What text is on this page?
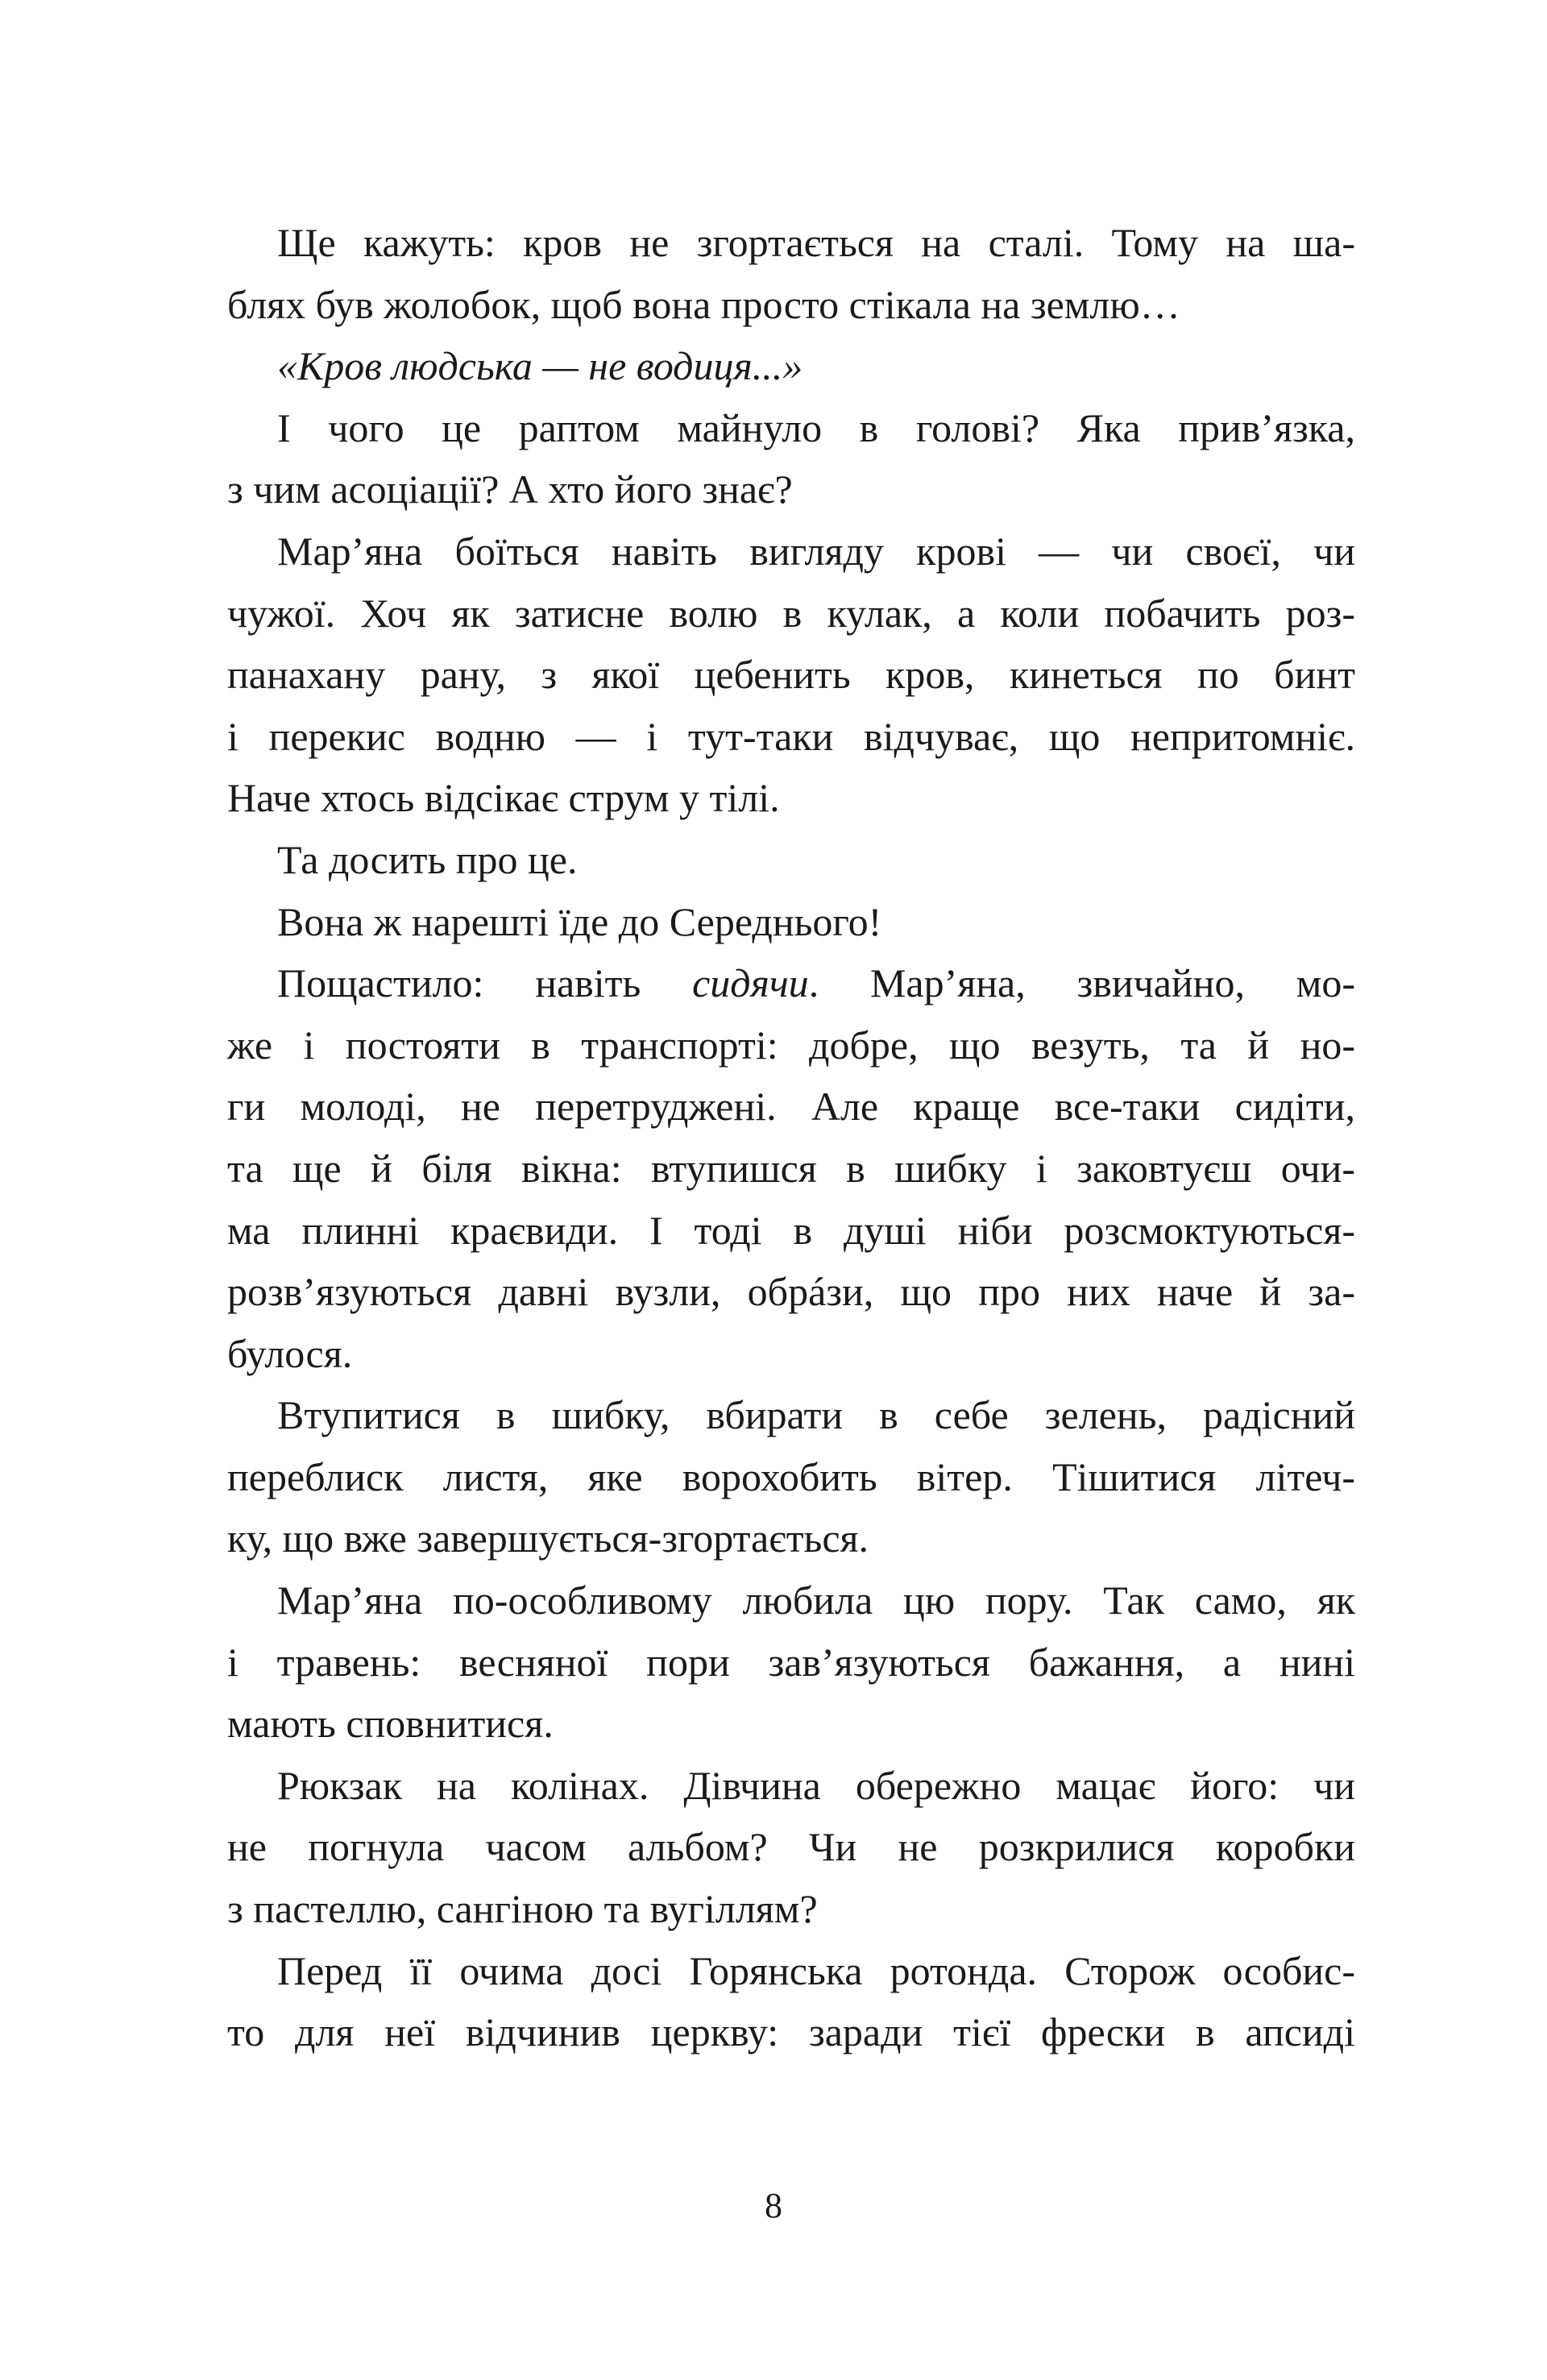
Ще кажуть: кров не згортається на сталі. Тому на ша-
блях був жолобок, щоб вона просто стікала на землю…
«Кров людська — не водиця...»
І чого це раптом майнуло в голові? Яка прив’язка,
з чим асоціації? А хто його знає?
Мар’яна боїться навіть вигляду крові — чи своєї, чи
чужої. Хоч як затисне волю в кулак, а коли побачить роз-
панахану рану, з якої цебенить кров, кинеться по бинт
і перекис водню — і тут-таки відчуває, що непритомніє.
Наче хтось відсікає струм у тілі.
Та досить про це.
Вона ж нарешті їде до Середнього!
Пощастило: навіть сидячи. Мар’яна, звичайно, мо-
же і постояти в транспорті: добре, що везуть, та й но-
ги молоді, не перетруджені. Але краще все-таки сидіти,
та ще й біля вікна: втупишся в шибку і заковтуєш очи-
ма плинні краєвиди. І тоді в душі ніби розсмоктуються-
розв’язуються давні вузли, обрáзи, що про них наче й за-
булося.
Втупитися в шибку, вбирати в себе зелень, радісний
переблиск листя, яке ворохобить вітер. Тішитися літеч-
ку, що вже завершується-згортається.
Мар’яна по-особливому любила цю пору. Так само, як
і травень: весняної пори зав’язуються бажання, а нині
мають сповнитися.
Рюкзак на колінах. Дівчина обережно мацає його: чи
не погнула часом альбом? Чи не розкрилися коробки
з пастеллю, сангіною та вугіллям?
Перед її очима досі Горянська ротонда. Сторож особис-
то для неї відчинив церкву: заради тієї фрески в апсиді
8
